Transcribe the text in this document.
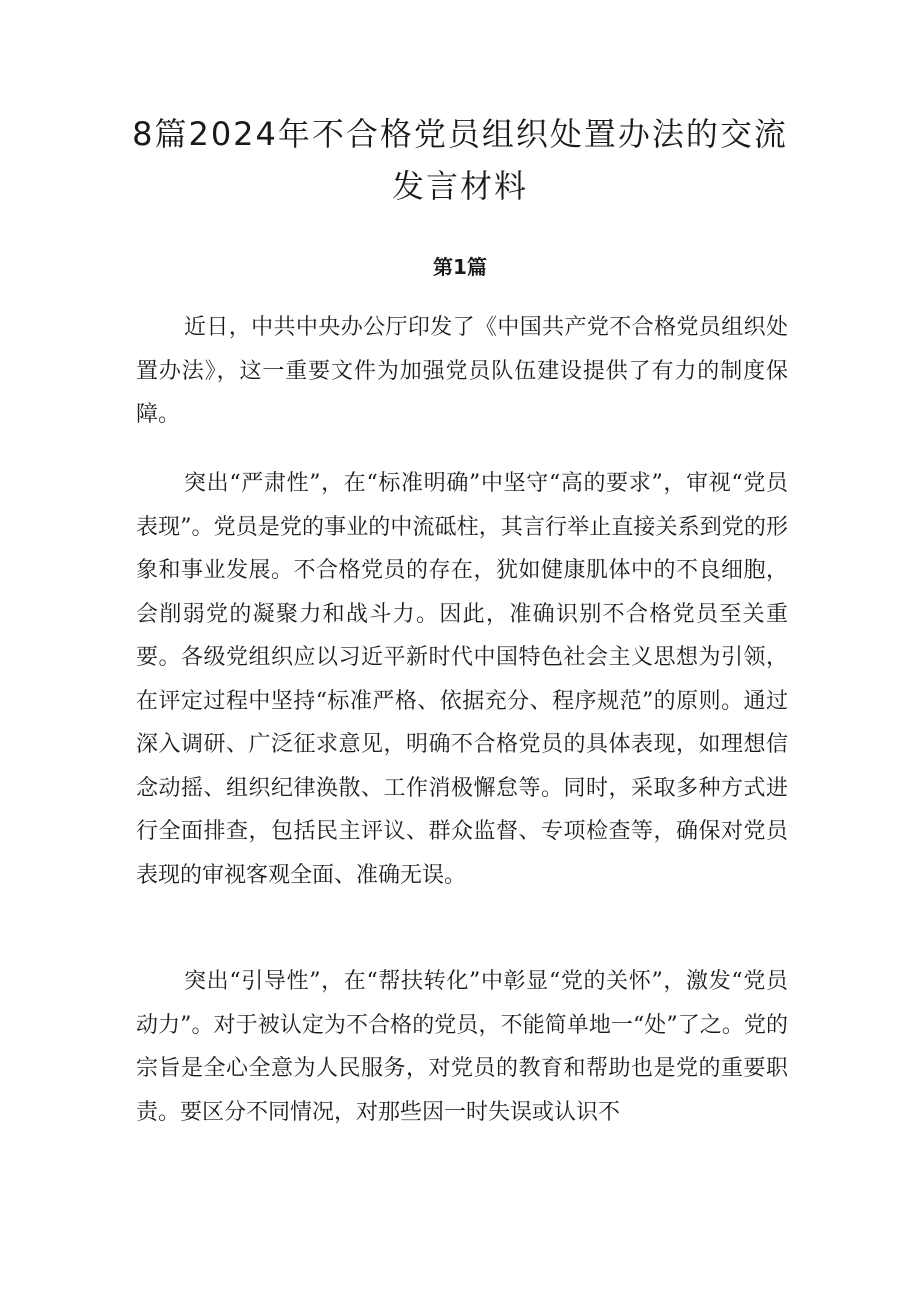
8篇2024年不合格党员组织处置办法的交流发言材料
第1篇

近日，中共中央办公厅印发了《中国共产党不合格党员组织处置办法》，这一重要文件为加强党员队伍建设提供了有力的制度保障。

突出“严肃性”，在“标准明确”中坚守“高的要求”，审视“党员表现”。党员是党的事业的中流砥柱，其言行举止直接关系到党的形象和事业发展。不合格党员的存在，犹如健康肌体中的不良细胞，会削弱党的凝聚力和战斗力。因此，准确识别不合格党员至关重要。各级党组织应以习近平新时代中国特色社会主义思想为引领，在评定过程中坚持“标准严格、依据充分、程序规范”的原则。通过深入调研、广泛征求意见，明确不合格党员的具体表现，如理想信念动摇、组织纪律涣散、工作消极懈怠等。同时，采取多种方式进行全面排查，包括民主评议、群众监督、专项检查等，确保对党员表现的审视客观全面、准确无误。

突出“引导性”，在“帮扶转化”中彰显“党的关怀”，激发“党员动力”。对于被认定为不合格的党员，不能简单地一“处”了之。党的宗旨是全心全意为人民服务，对党员的教育和帮助也是党的重要职责。要区分不同情况，对那些因一时失误或认识不
